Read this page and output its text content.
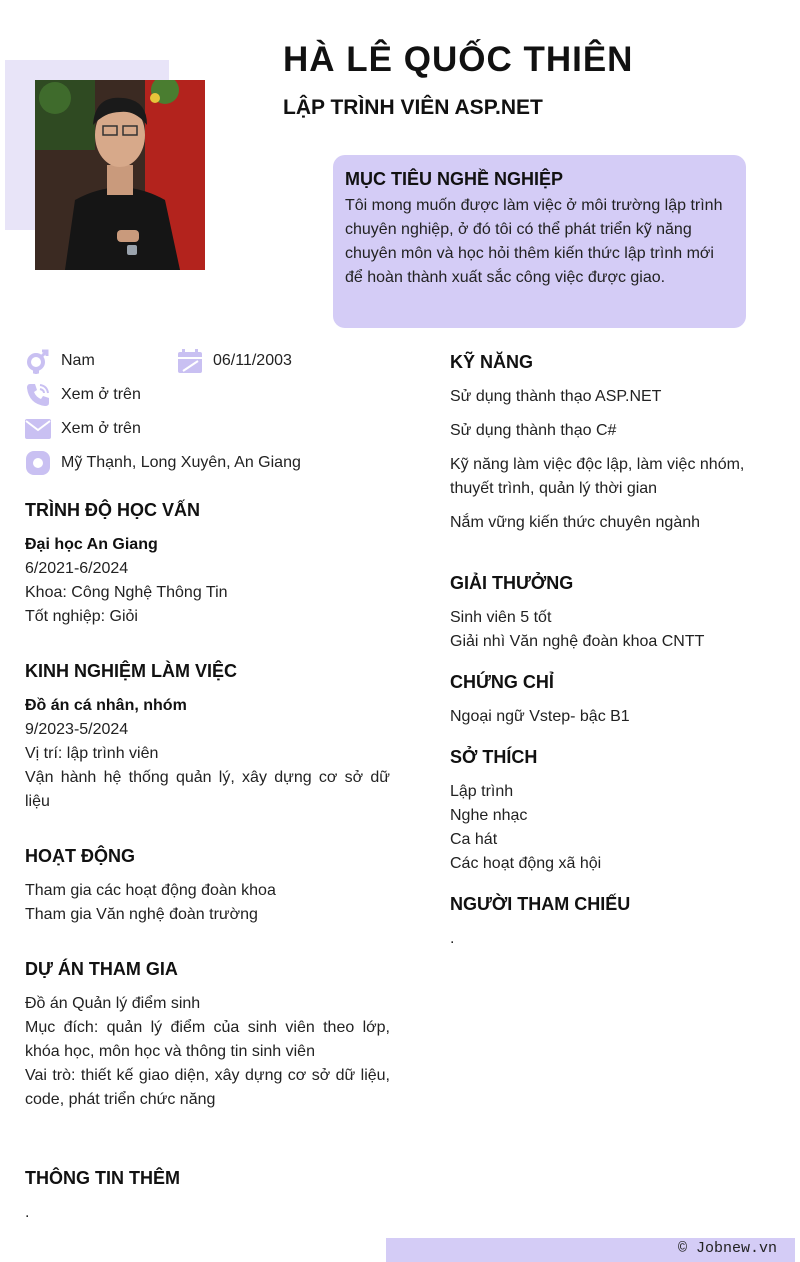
HÀ LÊ QUỐC THIÊN
LẬP TRÌNH VIÊN ASP.NET
MỤC TIÊU NGHỀ NGHIỆP

Tôi mong muốn được làm việc ở môi trường lập trình chuyên nghiệp, ở đó tôi có thể phát triển kỹ năng chuyên môn và học hỏi thêm kiến thức lập trình mới để hoàn thành xuất sắc công việc được giao.

Nam	06/11/2003
Xem ở trên
Xem ở trên
Mỹ Thạnh, Long Xuyên, An Giang
TRÌNH ĐỘ HỌC VẤN

Đại học An Giang

6/2021-6/2024

Khoa: Công Nghệ Thông Tin

Tốt nghiệp: Giỏi

KINH NGHIỆM LÀM VIỆC

Đồ án cá nhân, nhóm

9/2023-5/2024

Vị trí: lập trình viên

Vận hành hệ thống quản lý, xây dựng cơ sở dữ liệu

HOẠT ĐỘNG

Tham gia các hoạt động đoàn khoa

Tham gia Văn nghệ đoàn trường

DỰ ÁN THAM GIA

Đồ án Quản lý điểm sinh

Mục đích: quản lý điểm của sinh viên theo lớp, khóa học, môn học và thông tin sinh viên

Vai trò: thiết kế giao diện, xây dựng cơ sở dữ liệu, code, phát triển chức năng

THÔNG TIN THÊM

.

KỸ NĂNG

Sử dụng thành thạo ASP.NET

Sử dụng thành thạo C#

Kỹ năng làm việc độc lập, làm việc nhóm, thuyết trình, quản lý thời gian

Nắm vững kiến thức chuyên ngành

GIẢI THƯỞNG

Sinh viên 5 tốt

Giải nhì Văn nghệ đoàn khoa CNTT

CHỨNG CHỈ

Ngoại ngữ Vstep- bậc B1

SỞ THÍCH

Lập trình

Nghe nhạc

Ca hát

Các hoạt động xã hội

NGƯỜI THAM CHIẾU

.

© Jobnew.vn
